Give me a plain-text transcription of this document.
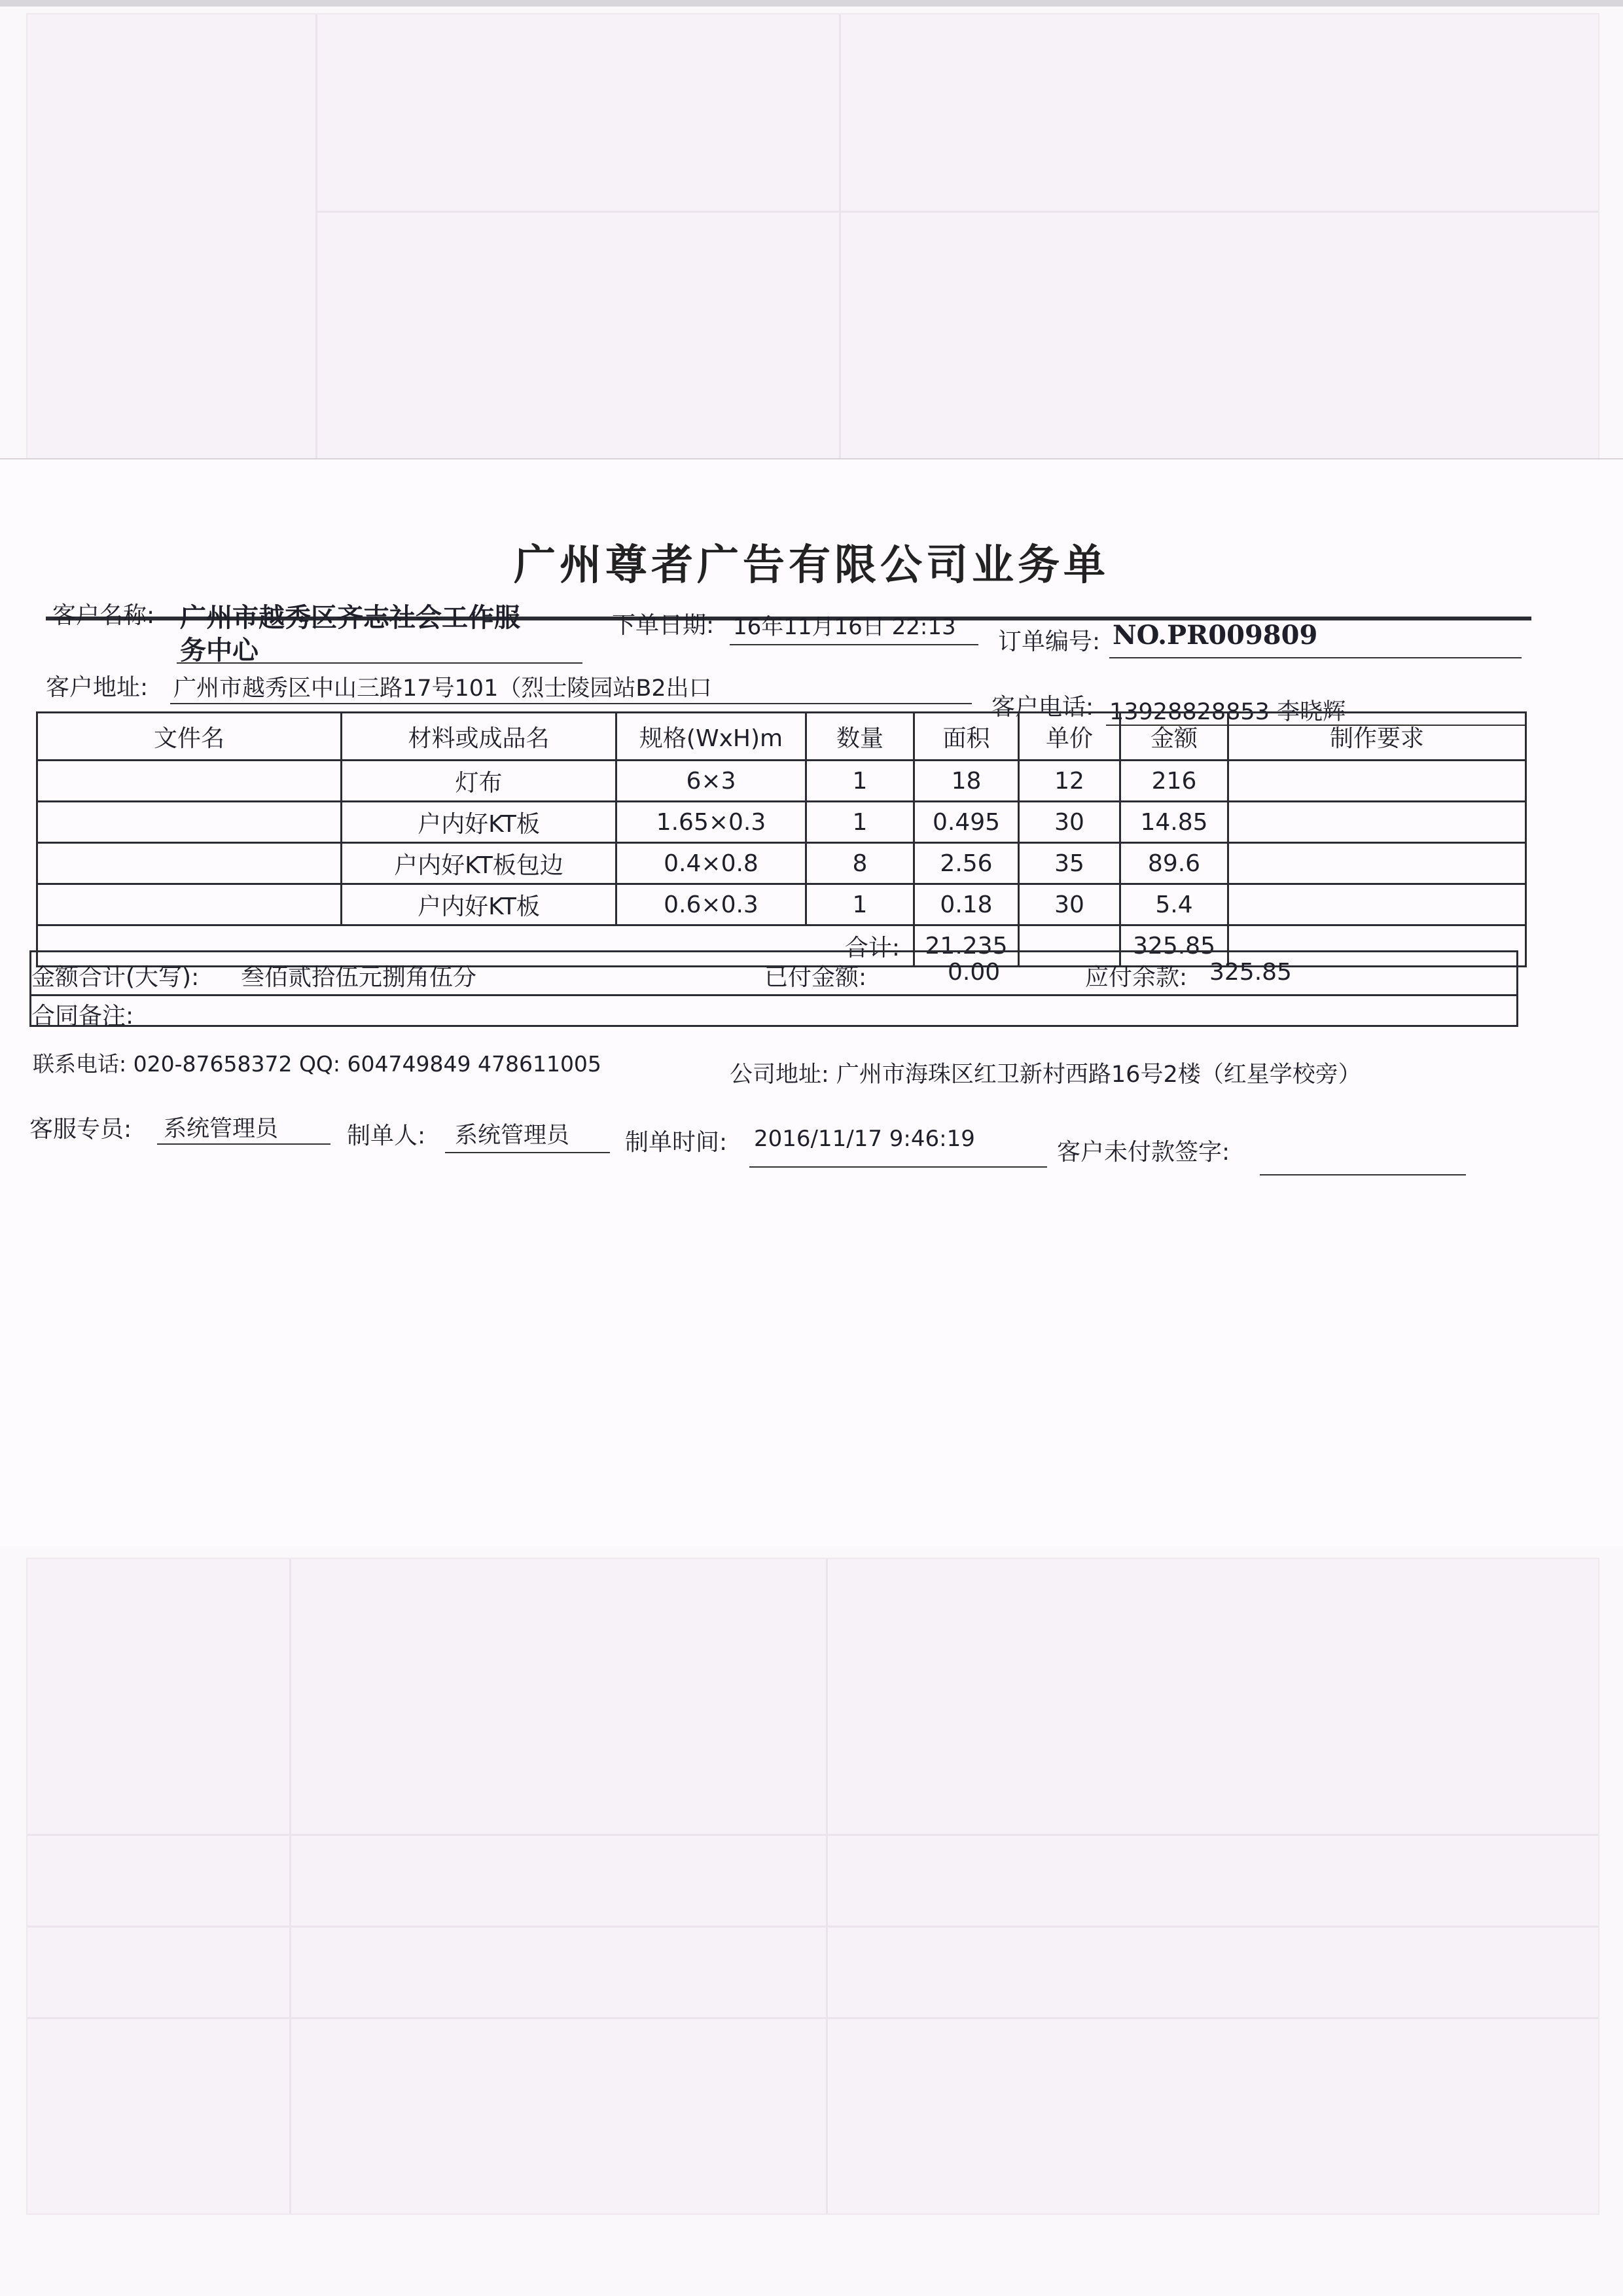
广州尊者广告有限公司业务单
客户名称: 广州市越秀区齐志社会工作服
务中心
下单日期: 16年11月16日 22:13
订单编号: NO.PR009809
客户地址: 广州市越秀区中山三路17号101（烈士陵园站B2出口
客户电话: 13928828853 李晓辉
文件名	材料或成品名	规格(WxH)m	数量	面积	单价	金额	制作要求
	灯布	6×3	1	18	12	216	
	户内好KT板	1.65×0.3	1	0.495	30	14.85	
	户内好KT板包边	0.4×0.8	8	2.56	35	89.6	
	户内好KT板	0.6×0.3	1	0.18	30	5.4	
合计:				21.235		325.85	
金额合计(大写): 叁佰贰拾伍元捌角伍分	已付金额:	0.00	应付余款: 325.85

合同备注:
联系电话: 020-87658372 QQ: 604749849 478611005	公司地址: 广州市海珠区红卫新村西路16号2楼（红星学校旁）
客服专员: 系统管理员	制单人: 系统管理员 制单时间: 2016/11/17 9:46:19	客户未付款签字:
